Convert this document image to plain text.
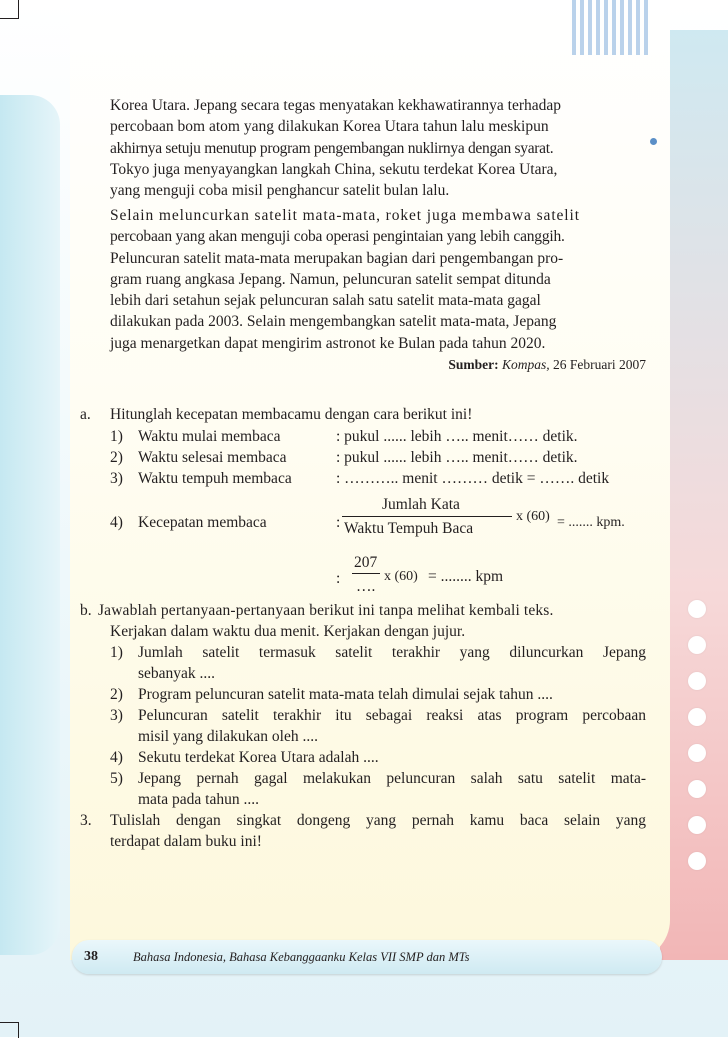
Korea Utara. Jepang secara tegas menyatakan kekhawatirannya terhadap
percobaan bom atom yang dilakukan Korea Utara tahun lalu meskipun
akhirnya setuju menutup program pengembangan nuklirnya dengan syarat.
Tokyo juga menyayangkan langkah China, sekutu terdekat Korea Utara,
yang menguji coba misil penghancur satelit bulan lalu.
Selain meluncurkan satelit mata-mata, roket juga membawa satelit
percobaan yang akan menguji coba operasi pengintaian yang lebih canggih.
Peluncuran satelit mata-mata merupakan bagian dari pengembangan pro-
gram ruang angkasa Jepang. Namun, peluncuran satelit sempat ditunda
lebih dari setahun sejak peluncuran salah satu satelit mata-mata gagal
dilakukan pada 2003. Selain mengembangkan satelit mata-mata, Jepang
juga menargetkan dapat mengirim astronot ke Bulan pada tahun 2020.
Sumber: Kompas, 26 Februari 2007
a. Hitunglah kecepatan membacamu dengan cara berikut ini!
1) Waktu mulai membaca	: pukul ...... lebih ….. menit…… detik.
2) Waktu selesai membaca	: pukul ...... lebih ….. menit…… detik.
3) Waktu tempuh membaca	: ……….. menit ……… detik = ……. detik
4) Kecepatan membaca	:
Jumlah Kata
Waktu Tempuh Baca
x (60) = ....... kpm.
:
207
….
x (60) = ........ kpm
b. Jawablah pertanyaan-pertanyaan berikut ini tanpa melihat kembali teks.
Kerjakan dalam waktu dua menit. Kerjakan dengan jujur.
1) Jumlah satelit termasuk satelit terakhir yang diluncurkan Jepang
sebanyak ....
2) Program peluncuran satelit mata-mata telah dimulai sejak tahun ....
3) Peluncuran satelit terakhir itu sebagai reaksi atas program percobaan
misil yang dilakukan oleh ....
4) Sekutu terdekat Korea Utara adalah ....
5) Jepang pernah gagal melakukan peluncuran salah satu satelit mata-
mata pada tahun ....
3. Tulislah dengan singkat dongeng yang pernah kamu baca selain yang
terdapat dalam buku ini!
38	Bahasa Indonesia, Bahasa Kebanggaanku Kelas VII SMP dan MTs
